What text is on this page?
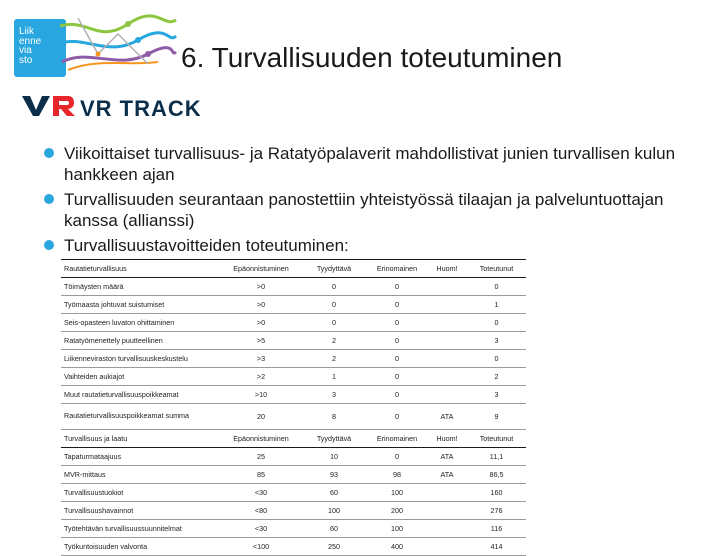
Liik
enne
via
sto	6. Turvallisuuden toteutuminen
VR TRACK
Viikoittaiset turvallisuus- ja Ratatyöpalaverit mahdollistivat junien turvallisen kulun hankkeen ajan
Turvallisuuden seurantaan panostettiin yhteistyössä tilaajan ja palveluntuottajan kanssa (allianssi)
Turvallisuustavoitteiden toteutuminen:
Rautatieturvallisuus	Epäonnistuminen	Tyydyttävä	Erinomainen	Huom!	Toteutunut
Töimäysten määrä	>0	0	0		0
Työmaasta johtuvat suistumiset	>0	0	0		1
Seis-opasteen luvaton ohittaminen	>0	0	0		0
Ratatyömenettely puutteellinen	>5	2	0		3
Liikenneviraston turvallisuuskeskustelu	>3	2	0		0
Vaihteiden aukiajot	>2	1	0		2
Muut rautatieturvallisuuspoikkeamat	>10	3	0		3
Rautatieturvallisuuspoikkeamat summa	20	8	0	ATA	9
Turvallisuus ja laatu	Epäonnistuminen	Tyydyttävä	Erinomainen	Huom!	Toteutunut
Tapaturmataajuus	25	10	0	ATA	11,1
MVR-mittaus	85	93	98	ATA	86,5
Turvallisuustuokiot	<30	60	100		160
Turvallisuushavainnot	<80	100	200		276
Työtehtävän turvallisuussuunnitelmat	<30	60	100		116
Työkuntoisuuden valvonta	<100	250	400		414
